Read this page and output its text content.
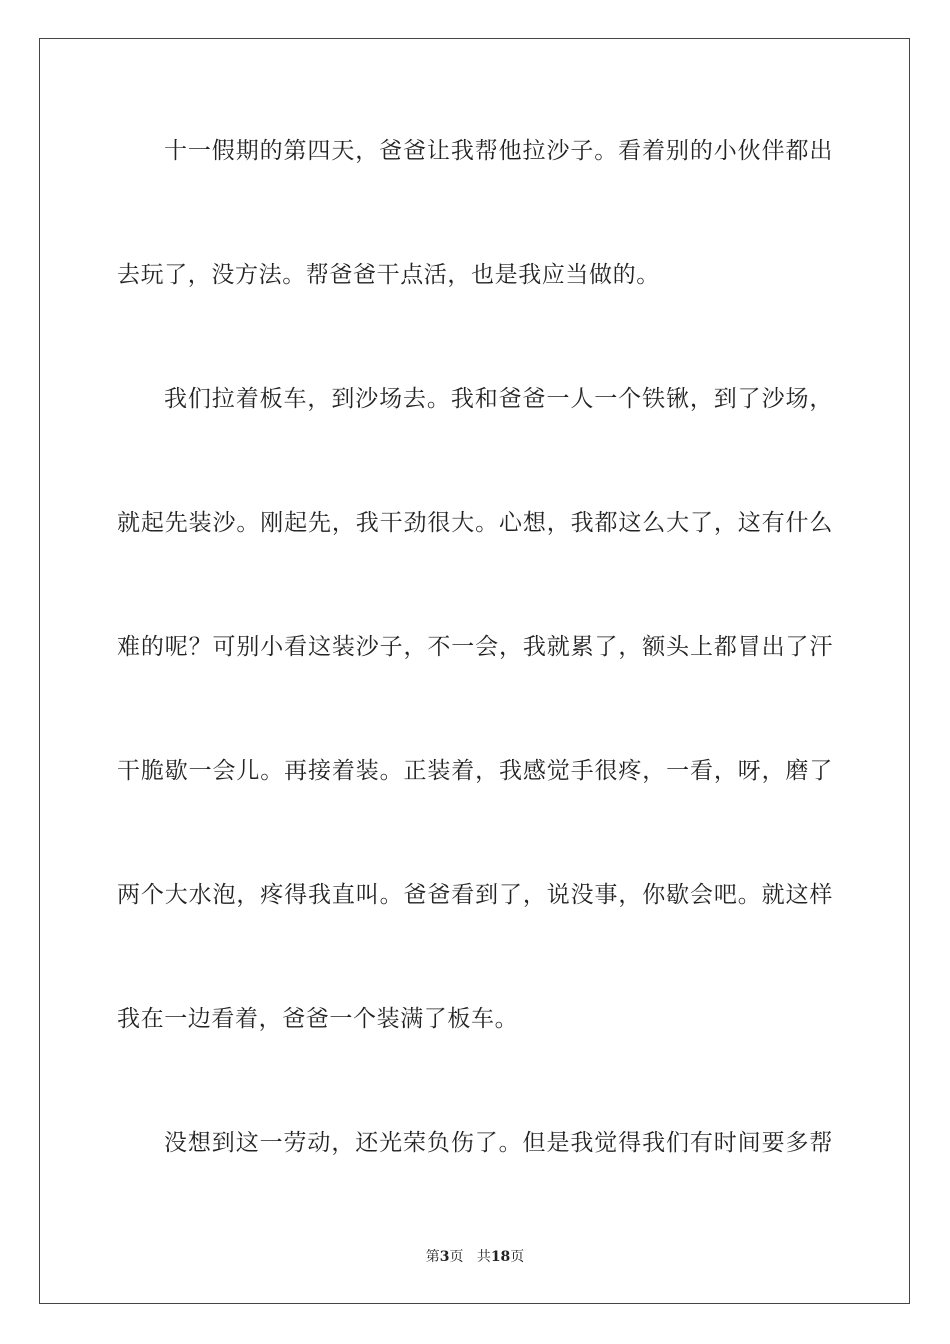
十一假期的第四天，爸爸让我帮他拉沙子。看着别的小伙伴都出
去玩了，没方法。帮爸爸干点活，也是我应当做的。
我们拉着板车，到沙场去。我和爸爸一人一个铁锹，到了沙场，
就起先装沙。刚起先，我干劲很大。心想，我都这么大了，这有什么
难的呢？可别小看这装沙子，不一会，我就累了，额头上都冒出了汗
干脆歇一会儿。再接着装。正装着，我感觉手很疼，一看，呀，磨了
两个大水泡，疼得我直叫。爸爸看到了，说没事，你歇会吧。就这样
我在一边看着，爸爸一个装满了板车。
没想到这一劳动，还光荣负伤了。但是我觉得我们有时间要多帮
第3页 共18页
